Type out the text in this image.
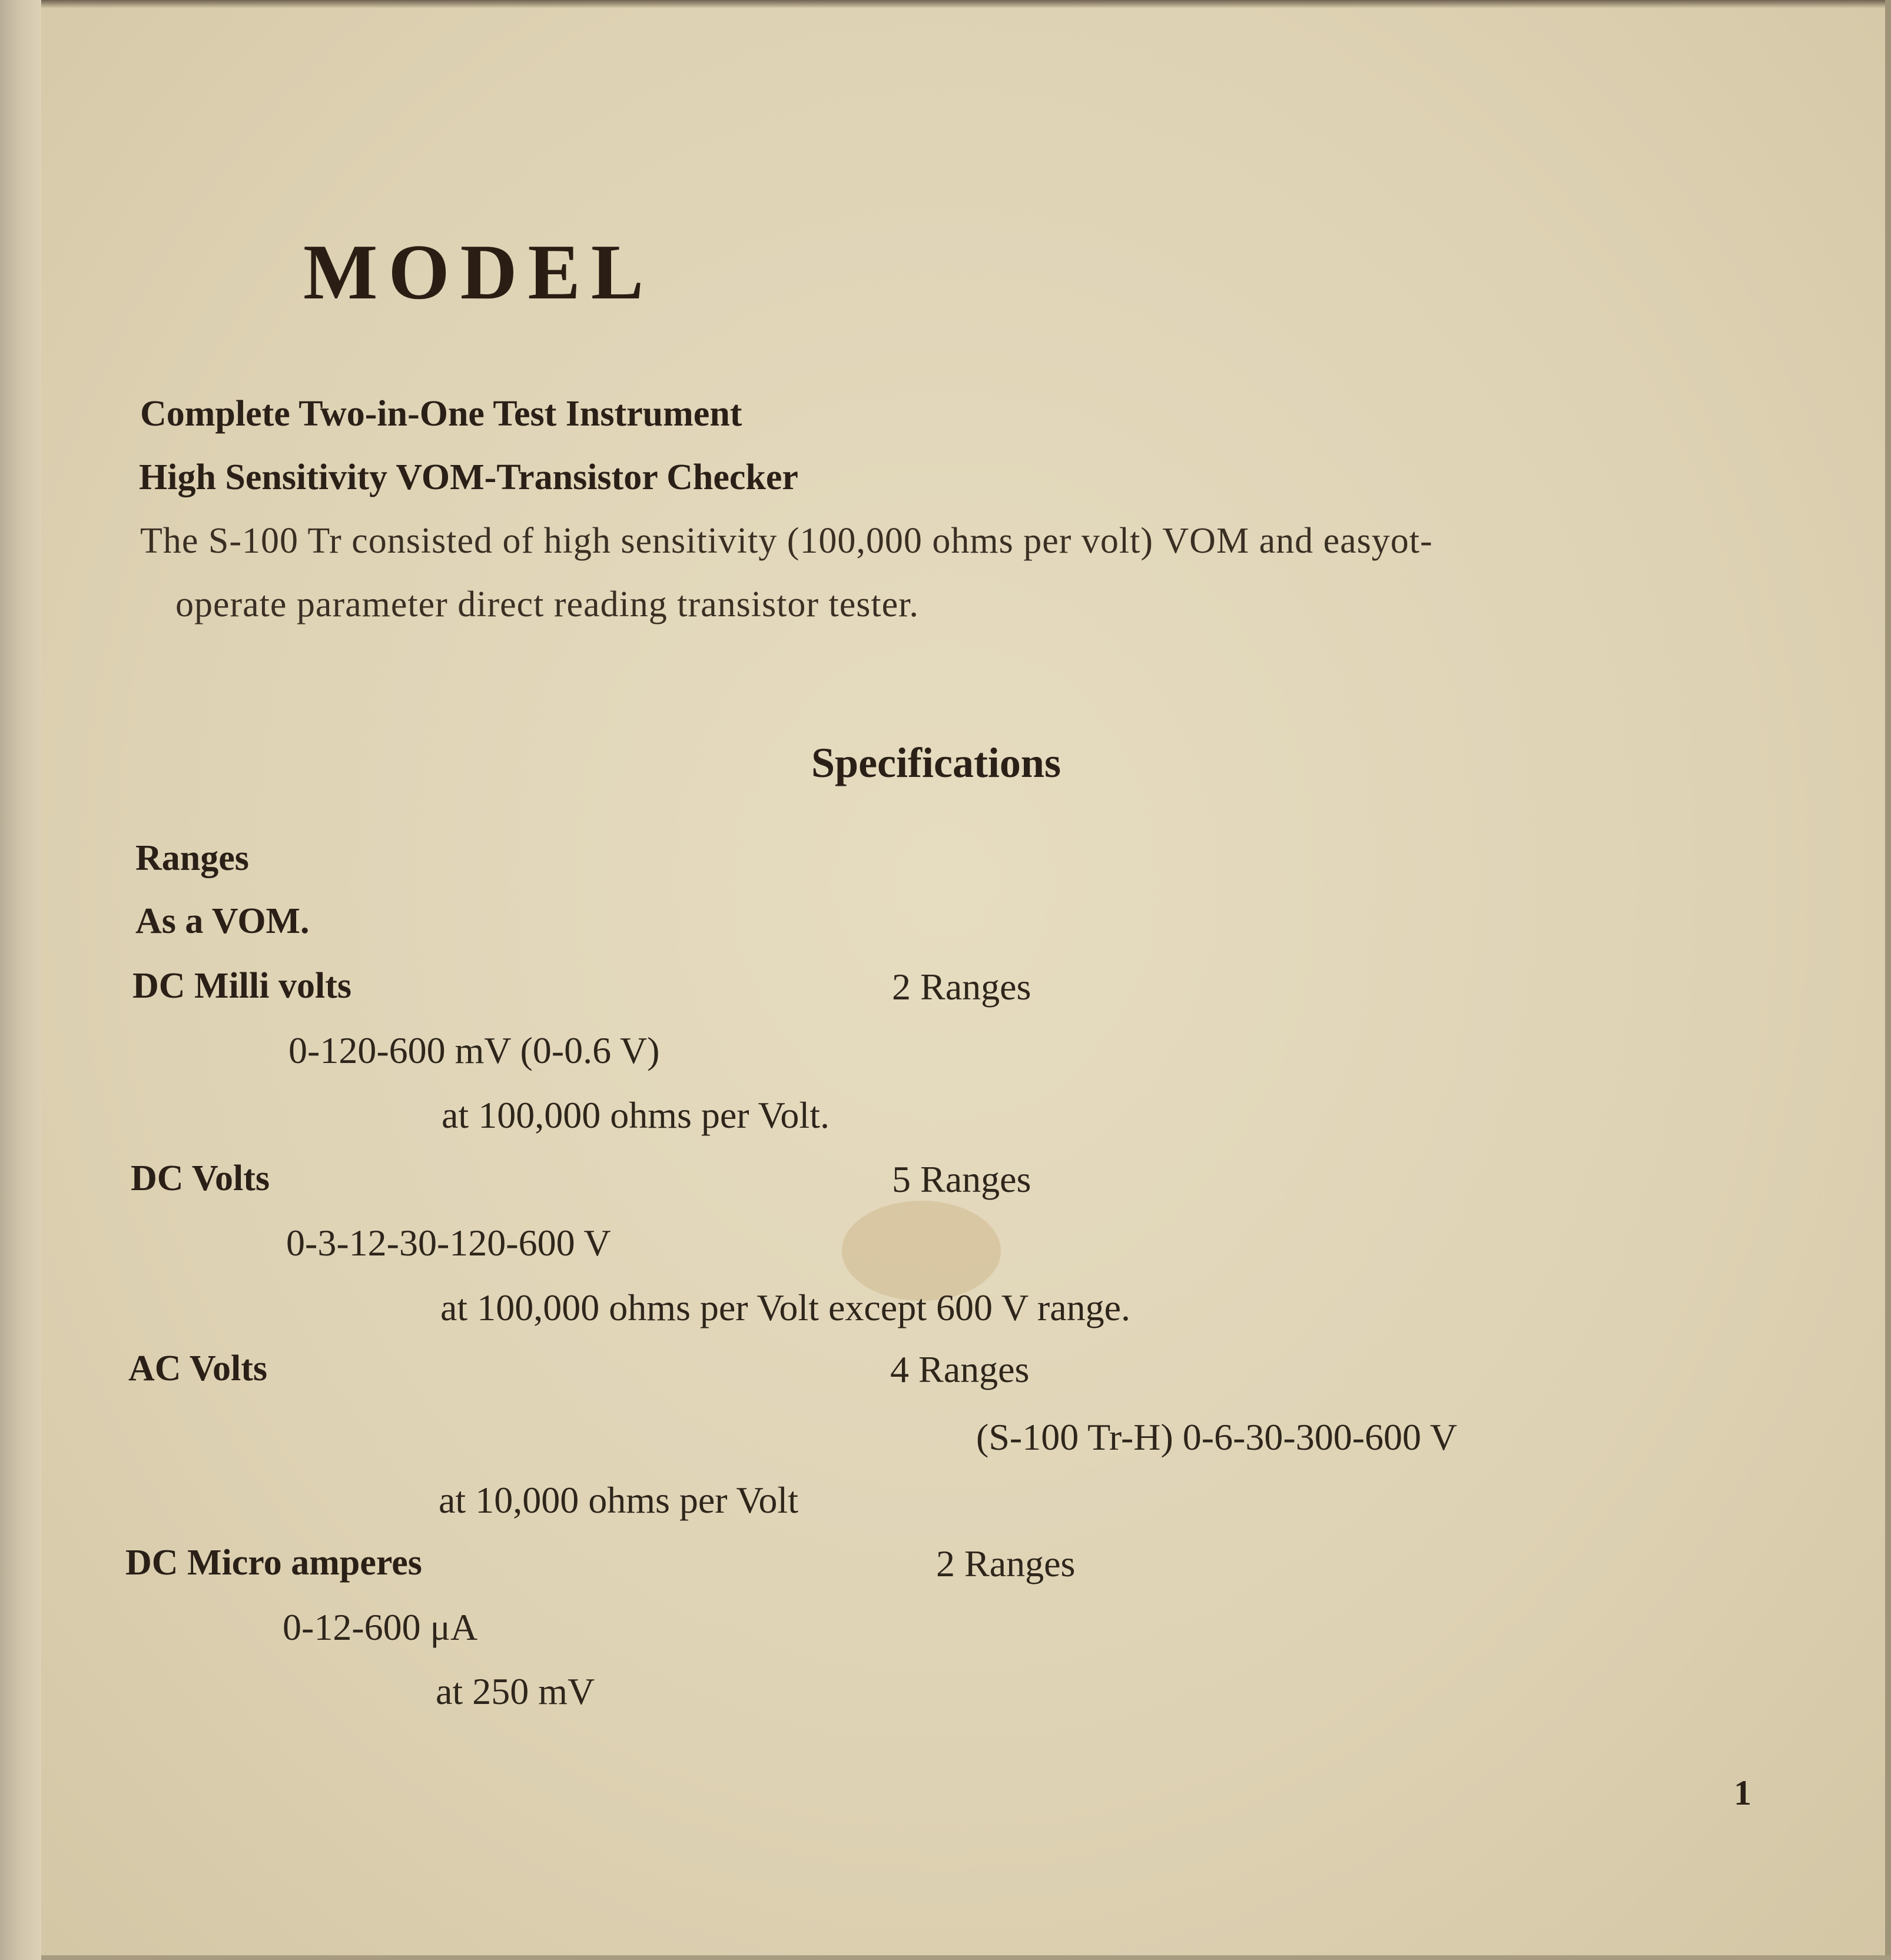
MODEL

Complete Two-in-One Test Instrument

High Sensitivity VOM-Transistor Checker

The S-100 Tr consisted of high sensitivity (100,000 ohms per volt) VOM and easyot-

operate parameter direct reading transistor tester.

Specifications

Ranges

As a VOM.

DC Milli volts	2 Ranges

0-120-600 mV (0-0.6 V)

at 100,000 ohms per Volt.

DC Volts	5 Ranges

0-3-12-30-120-600 V

at 100,000 ohms per Volt except 600 V range.

AC Volts	4 Ranges

(S-100 Tr-H) 0-6-30-300-600 V

at 10,000 ohms per Volt

DC Micro amperes	2 Ranges

0-12-600 μA

at 250 mV

1
